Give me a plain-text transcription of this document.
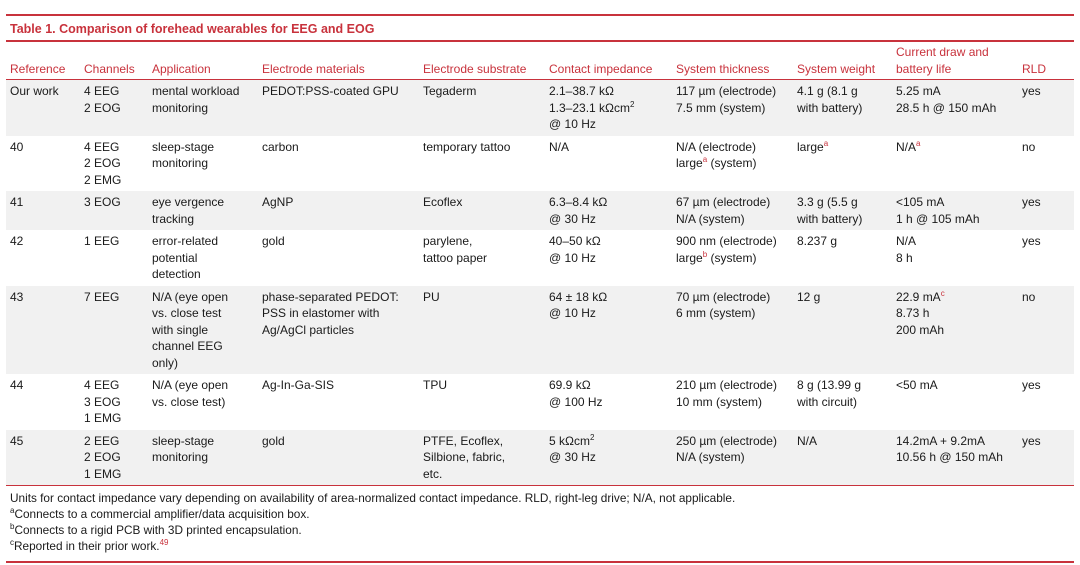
Table 1. Comparison of forehead wearables for EEG and EOG
Reference	Channels	Application	Electrode materials	Electrode substrate	Contact impedance	System thickness	System weight	Current draw and battery life	RLD

Our work	4 EEG
2 EOG	mental workload
monitoring	PEDOT:PSS-coated GPU	Tegaderm	2.1–38.7 kΩ
1.3–23.1 kΩcm$^2$
@ 10 Hz	117 µm (electrode)
7.5 mm (system)	4.1 g (8.1 g
with battery)	5.25 mA
28.5 h @ 150 mAh	yes
40	4 EEG
2 EOG
2 EMG	sleep-stage
monitoring	carbon	temporary tattoo	N/A	N/A (electrode)
large$^a$ (system)	large$^a$	$N/A^a$	no
41	3 EOG	eye vergence
tracking	AgNP	Ecoflex	6.3–8.4 kΩ
@ 30 Hz	67 µm (electrode)
N/A (system)	3.3 g (5.5 g
with battery)	<105 mA
1 h @ 105 mAh	yes
42	1 EEG	error-related
potential
detection	gold	parylene,
tattoo paper	40–50 kΩ
@ 10 Hz	900 nm (electrode)
large$^b$ (system)	8.237 g	N/A
8 h	yes
43	7 EEG	N/A (eye open
vs. close test
with single
channel EEG
only)	phase-separated PEDOT:
PSS in elastomer with
Ag/AgCl particles	PU	64 ± 18 kΩ
@ 10 Hz	70 µm (electrode)
6 mm (system)	12 g	22.9 $mA^c$
8.73 h
200 mAh	no
44	4 EEG
3 EOG
1 EMG	N/A (eye open
vs. close test)	Ag-In-Ga-SIS	TPU	69.9 kΩ
@ 100 Hz	210 µm (electrode)
10 mm (system)	8 g (13.99 g
with circuit)	<50 mA	yes
45	2 EEG
2 EOG
1 EMG	sleep-stage
monitoring	gold	PTFE, Ecoflex,
Silbione, fabric,
etc.	5 kΩcm$^2$
@ 30 Hz	250 µm (electrode)
N/A (system)	N/A	14.2mA + 9.2mA
10.56 h @ 150 mAh	yes
Units for contact impedance vary depending on availability of area-normalized contact impedance. RLD, right-leg drive; N/A, not applicable.
$^a$Connects to a commercial amplifier/data acquisition box.
$^b$Connects to a rigid PCB with 3D printed encapsulation.
$^c$Reported in their prior work.$^{49}$
